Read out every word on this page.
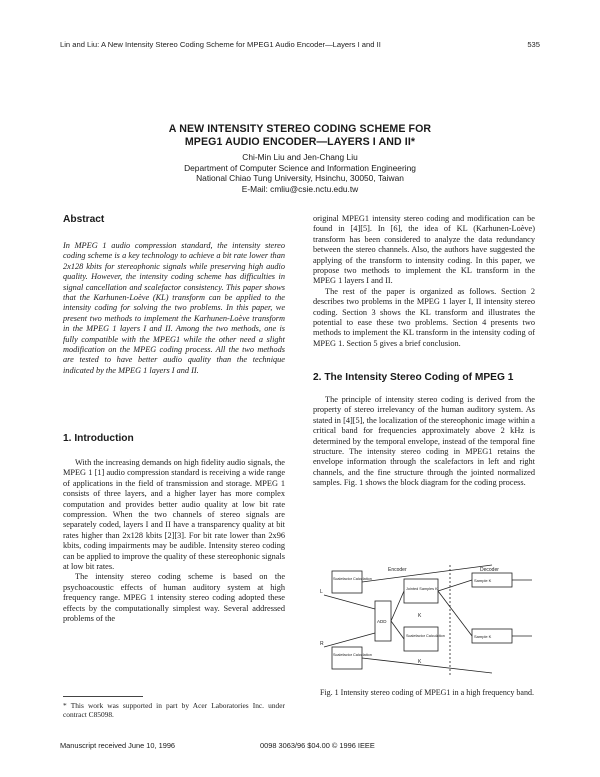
Lin and Liu: A New Intensity Stereo Coding Scheme for MPEG1 Audio Encoder—Layers I and II	535
A NEW INTENSITY STEREO CODING SCHEME FOR
MPEG1 AUDIO ENCODER—LAYERS I AND II*
Chi-Min Liu and Jen-Chang Liu
Department of Computer Science and Information Engineering
National Chiao Tung University, Hsinchu, 30050, Taiwan
E-Mail: cmliu@csie.nctu.edu.tw
Abstract

In MPEG 1 audio compression standard, the intensity stereo coding scheme is a key technology to achieve a bit rate lower than 2x128 kbits for stereophonic signals while preserving high audio quality. However, the intensity coding scheme has difficulties in signal cancellation and scalefactor consistency. This paper shows that the Karhunen-Loève (KL) transform can be applied to the intensity coding for solving the two problems. In this paper, we present two methods to implement the Karhunen-Loève transform in the MPEG 1 layers I and II. Among the two methods, one is fully compatible with the MPEG1 while the other need a slight modification on the MPEG coding process. All the two methods are tested to have better audio quality than the technique indicated by the MPEG 1 layers I and II.

1. Introduction

With the increasing demands on high fidelity audio signals, the MPEG 1 [1] audio compression standard is receiving a wide range of applications in the field of transmission and storage. MPEG 1 consists of three layers, and a higher layer has more complex computation and provides better audio quality at low bit rate compression. When the two channels of stereo signals are separately coded, layers I and II have a transparency quality at bit rates higher than 2x128 kbits [2][3]. For bit rate lower than 2x96 kbits, coding impairments may be audible. Intensity stereo coding can be applied to improve the quality of these stereophonic signals at low bit rates.

The intensity stereo coding scheme is based on the psychoacoustic effects of human auditory system at high frequency range. MPEG 1 intensity stereo coding adopted these effects by the computationally simplest way. Several addressed problems of the

* This work was supported in part by Acer Laboratories Inc. under contract C85098.

original MPEG1 intensity stereo coding and modification can be found in [4][5]. In [6], the idea of KL (Karhunen-Loève) transform has been considered to analyze the data redundancy between the stereo channels. Also, the authors have suggested the applying of the transform to intensity coding. In this paper, we propose two methods to implement the KL transform in the MPEG 1 layers I and II.

The rest of the paper is organized as follows. Section 2 describes two problems in the MPEG 1 layer I, II intensity stereo coding. Section 3 shows the KL transform and illustrates the potential to ease these two problems. Section 4 presents two methods to implement the KL transform in the intensity coding of MPEG 1. Section 5 gives a brief conclusion.

2. The Intensity Stereo Coding of MPEG 1

The principle of intensity stereo coding is derived from the property of stereo irrelevancy of the human auditory system. As stated in [4][5], the localization of the stereophonic image within a critical band for frequencies approximately above 2 kHz is determined by the temporal envelope, instead of the temporal fine structure. The intensity stereo coding in MPEG1 retains the envelope information through the scalefactors in left and right channels, and the fine structure through the jointed normalized samples. Fig. 1 shows the block diagram for the coding process.

Encoder	Decoder
Scalefactor Calculation
Scalefactor Calculation
ADD
Jointed Samples K
Scalefactor Calculation
K
K
Sample K
Sample K
L
R
Fig. 1 Intensity stereo coding of MPEG1 in a high frequency band.
Manuscript received June 10, 1996	0098 3063/96 $04.00 © 1996 IEEE
